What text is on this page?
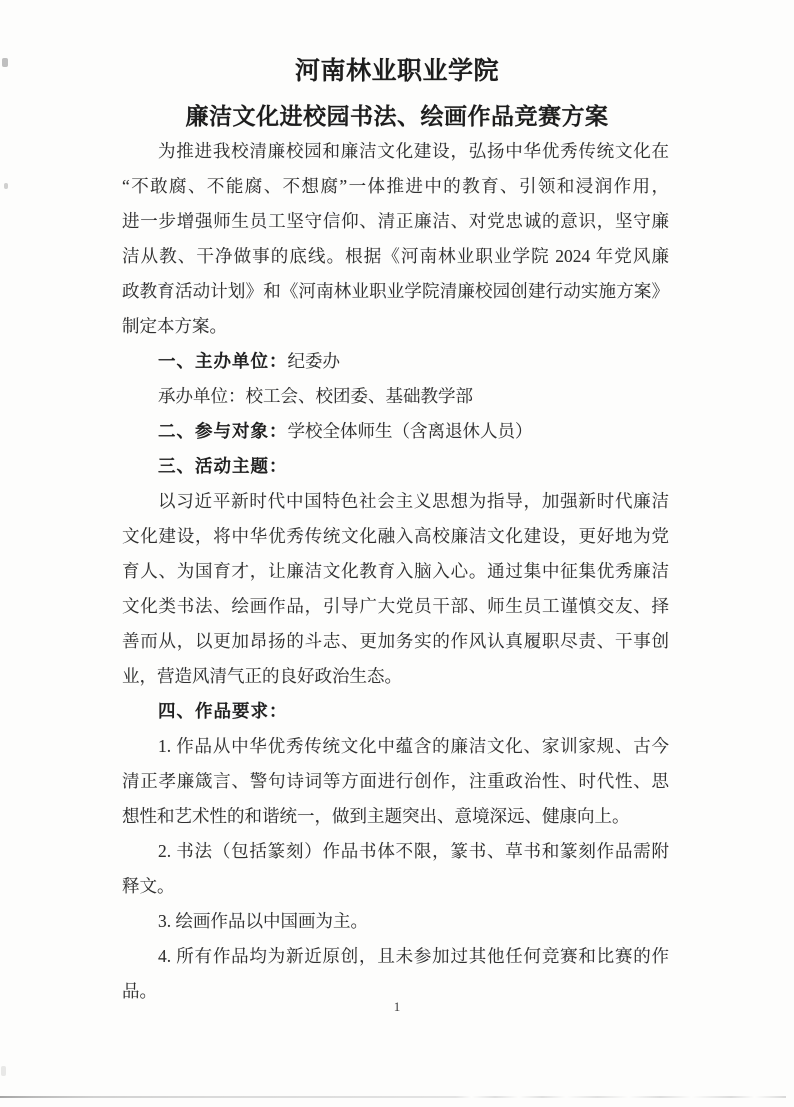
河南林业职业学院
廉洁文化进校园书法、绘画作品竞赛方案
为推进我校清廉校园和廉洁文化建设，弘扬中华优秀传统文化在
“不敢腐、不能腐、不想腐”一体推进中的教育、引领和浸润作用，
进一步增强师生员工坚守信仰、清正廉洁、对党忠诚的意识，坚守廉
洁从教、干净做事的底线。根据《河南林业职业学院 2024 年党风廉
政教育活动计划》和《河南林业职业学院清廉校园创建行动实施方案》
制定本方案。
一、主办单位：纪委办
承办单位：校工会、校团委、基础教学部
二、参与对象：学校全体师生（含离退休人员）
三、活动主题：
以习近平新时代中国特色社会主义思想为指导，加强新时代廉洁
文化建设，将中华优秀传统文化融入高校廉洁文化建设，更好地为党
育人、为国育才，让廉洁文化教育入脑入心。通过集中征集优秀廉洁
文化类书法、绘画作品，引导广大党员干部、师生员工谨慎交友、择
善而从，以更加昂扬的斗志、更加务实的作风认真履职尽责、干事创
业，营造风清气正的良好政治生态。
四、作品要求：
1. 作品从中华优秀传统文化中蕴含的廉洁文化、家训家规、古今
清正孝廉箴言、警句诗词等方面进行创作，注重政治性、时代性、思
想性和艺术性的和谐统一，做到主题突出、意境深远、健康向上。
2. 书法（包括篆刻）作品书体不限，篆书、草书和篆刻作品需附
释文。
3. 绘画作品以中国画为主。
4. 所有作品均为新近原创，且未参加过其他任何竞赛和比赛的作
品。
1
